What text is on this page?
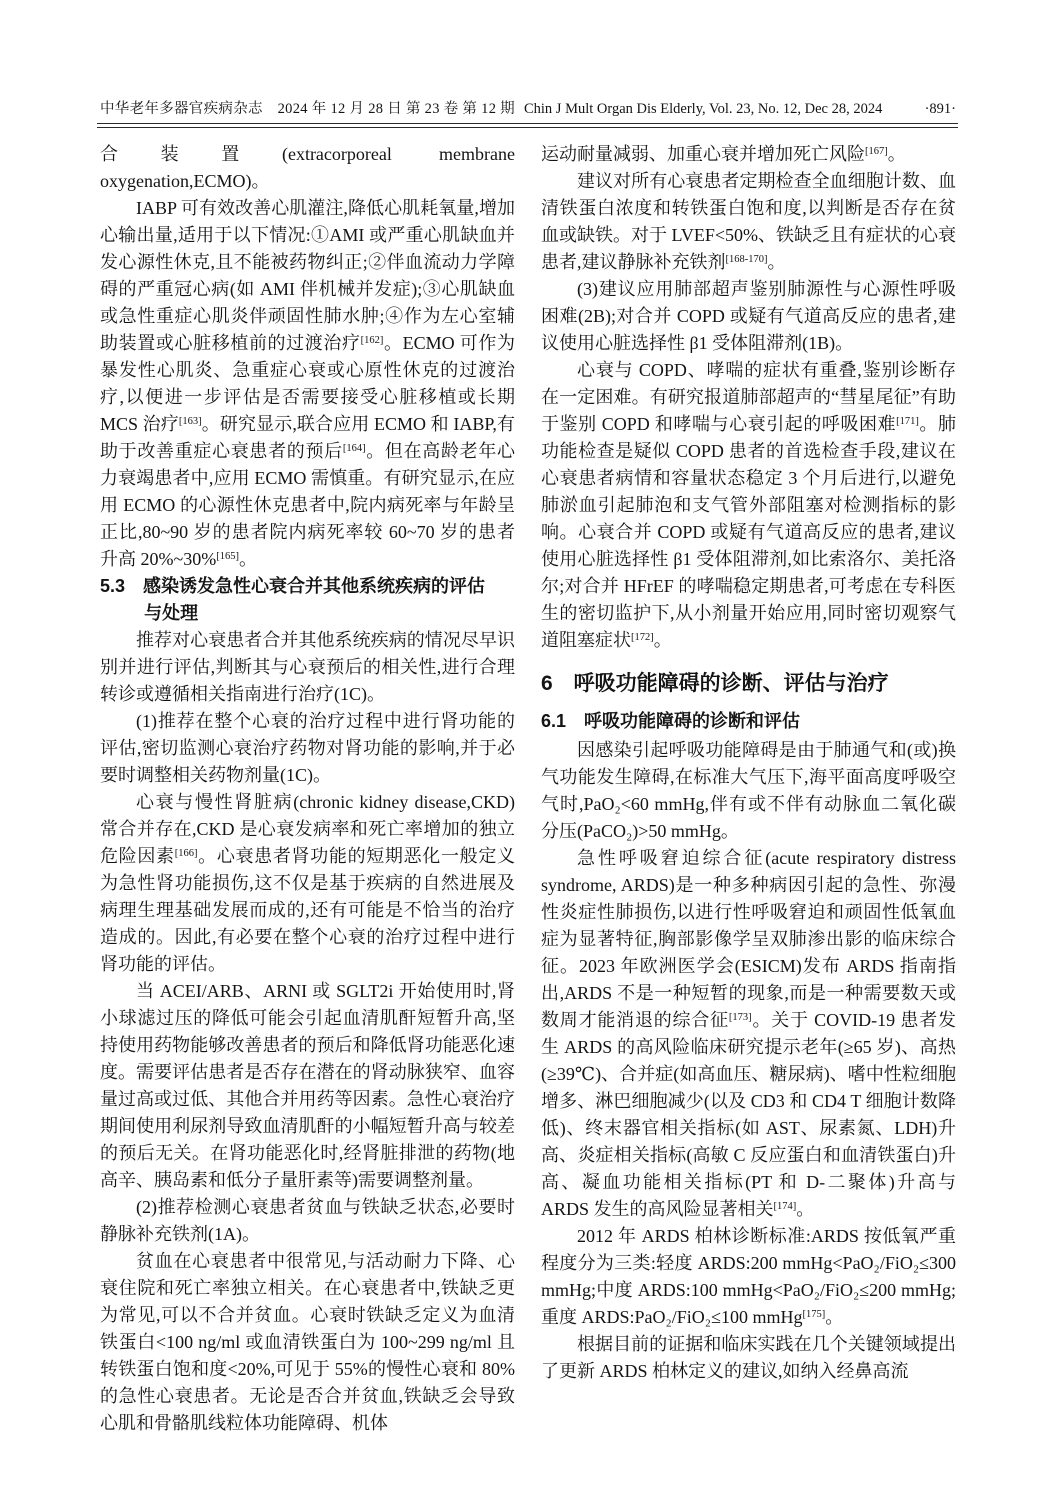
中华老年多器官疾病杂志　2024 年 12 月 28 日 第 23 卷 第 12 期 Chin J Mult Organ Dis Elderly, Vol. 23, No. 12, Dec 28, 2024	·891·

合装置(extracorporeal membrane oxygenation,ECMO)。

IABP 可有效改善心肌灌注,降低心肌耗氧量,增加心输出量,适用于以下情况:①AMI 或严重心肌缺血并发心源性休克,且不能被药物纠正;②伴血流动力学障碍的严重冠心病(如 AMI 伴机械并发症);③心肌缺血或急性重症心肌炎伴顽固性肺水肿;④作为左心室辅助装置或心脏移植前的过渡治疗[162]。ECMO 可作为暴发性心肌炎、急重症心衰或心原性休克的过渡治疗,以便进一步评估是否需要接受心脏移植或长期 MCS 治疗[163]。研究显示,联合应用 ECMO 和 IABP,有助于改善重症心衰患者的预后[164]。但在高龄老年心力衰竭患者中,应用 ECMO 需慎重。有研究显示,在应用 ECMO 的心源性休克患者中,院内病死率与年龄呈正比,80~90 岁的患者院内病死率较 60~70 岁的患者升高 20%~30%[165]。

5.3　感染诱发急性心衰合并其他系统疾病的评估
与处理

推荐对心衰患者合并其他系统疾病的情况尽早识别并进行评估,判断其与心衰预后的相关性,进行合理转诊或遵循相关指南进行治疗(1C)。

(1)推荐在整个心衰的治疗过程中进行肾功能的评估,密切监测心衰治疗药物对肾功能的影响,并于必要时调整相关药物剂量(1C)。

心衰与慢性肾脏病(chronic kidney disease,CKD)常合并存在,CKD 是心衰发病率和死亡率增加的独立危险因素[166]。心衰患者肾功能的短期恶化一般定义为急性肾功能损伤,这不仅是基于疾病的自然进展及病理生理基础发展而成的,还有可能是不恰当的治疗造成的。因此,有必要在整个心衰的治疗过程中进行肾功能的评估。

当 ACEI/ARB、ARNI 或 SGLT2i 开始使用时,肾小球滤过压的降低可能会引起血清肌酐短暂升高,坚持使用药物能够改善患者的预后和降低肾功能恶化速度。需要评估患者是否存在潜在的肾动脉狭窄、血容量过高或过低、其他合并用药等因素。急性心衰治疗期间使用利尿剂导致血清肌酐的小幅短暂升高与较差的预后无关。在肾功能恶化时,经肾脏排泄的药物(地高辛、胰岛素和低分子量肝素等)需要调整剂量。

(2)推荐检测心衰患者贫血与铁缺乏状态,必要时静脉补充铁剂(1A)。

贫血在心衰患者中很常见,与活动耐力下降、心衰住院和死亡率独立相关。在心衰患者中,铁缺乏更为常见,可以不合并贫血。心衰时铁缺乏定义为血清铁蛋白<100 ng/ml 或血清铁蛋白为 100~299 ng/ml 且转铁蛋白饱和度<20%,可见于 55%的慢性心衰和 80%的急性心衰患者。无论是否合并贫血,铁缺乏会导致心肌和骨骼肌线粒体功能障碍、机体

运动耐量减弱、加重心衰并增加死亡风险[167]。

建议对所有心衰患者定期检查全血细胞计数、血清铁蛋白浓度和转铁蛋白饱和度,以判断是否存在贫血或缺铁。对于 LVEF<50%、铁缺乏且有症状的心衰患者,建议静脉补充铁剂[168-170]。

(3)建议应用肺部超声鉴别肺源性与心源性呼吸困难(2B);对合并 COPD 或疑有气道高反应的患者,建议使用心脏选择性 β1 受体阻滞剂(1B)。

心衰与 COPD、哮喘的症状有重叠,鉴别诊断存在一定困难。有研究报道肺部超声的“彗星尾征”有助于鉴别 COPD 和哮喘与心衰引起的呼吸困难[171]。肺功能检查是疑似 COPD 患者的首选检查手段,建议在心衰患者病情和容量状态稳定 3 个月后进行,以避免肺淤血引起肺泡和支气管外部阻塞对检测指标的影响。心衰合并 COPD 或疑有气道高反应的患者,建议使用心脏选择性 β1 受体阻滞剂,如比索洛尔、美托洛尔;对合并 HFrEF 的哮喘稳定期患者,可考虑在专科医生的密切监护下,从小剂量开始应用,同时密切观察气道阻塞症状[172]。

6　呼吸功能障碍的诊断、评估与治疗
6.1　呼吸功能障碍的诊断和评估

因感染引起呼吸功能障碍是由于肺通气和(或)换气功能发生障碍,在标准大气压下,海平面高度呼吸空气时,PaO₂<60 mmHg,伴有或不伴有动脉血二氧化碳分压(PaCO₂)>50 mmHg。

急性呼吸窘迫综合征(acute respiratory distress syndrome, ARDS)是一种多种病因引起的急性、弥漫性炎症性肺损伤,以进行性呼吸窘迫和顽固性低氧血症为显著特征,胸部影像学呈双肺渗出影的临床综合征。2023 年欧洲医学会(ESICM)发布 ARDS 指南指出,ARDS 不是一种短暂的现象,而是一种需要数天或数周才能消退的综合征[173]。关于 COVID-19 患者发生 ARDS 的高风险临床研究提示老年(≥65 岁)、高热(≥39℃)、合并症(如高血压、糖尿病)、嗜中性粒细胞增多、淋巴细胞减少(以及 CD3 和 CD4 T 细胞计数降低)、终末器官相关指标(如 AST、尿素氮、LDH)升高、炎症相关指标(高敏 C 反应蛋白和血清铁蛋白)升高、凝血功能相关指标(PT 和 D-二聚体)升高与 ARDS 发生的高风险显著相关[174]。

2012 年 ARDS 柏林诊断标准:ARDS 按低氧严重程度分为三类:轻度 ARDS:200 mmHg<PaO₂/FiO₂≤300 mmHg;中度 ARDS:100 mmHg<PaO₂/FiO₂≤200 mmHg;重度 ARDS:PaO₂/FiO₂≤100 mmHg[175]。

根据目前的证据和临床实践在几个关键领域提出了更新 ARDS 柏林定义的建议,如纳入经鼻高流
